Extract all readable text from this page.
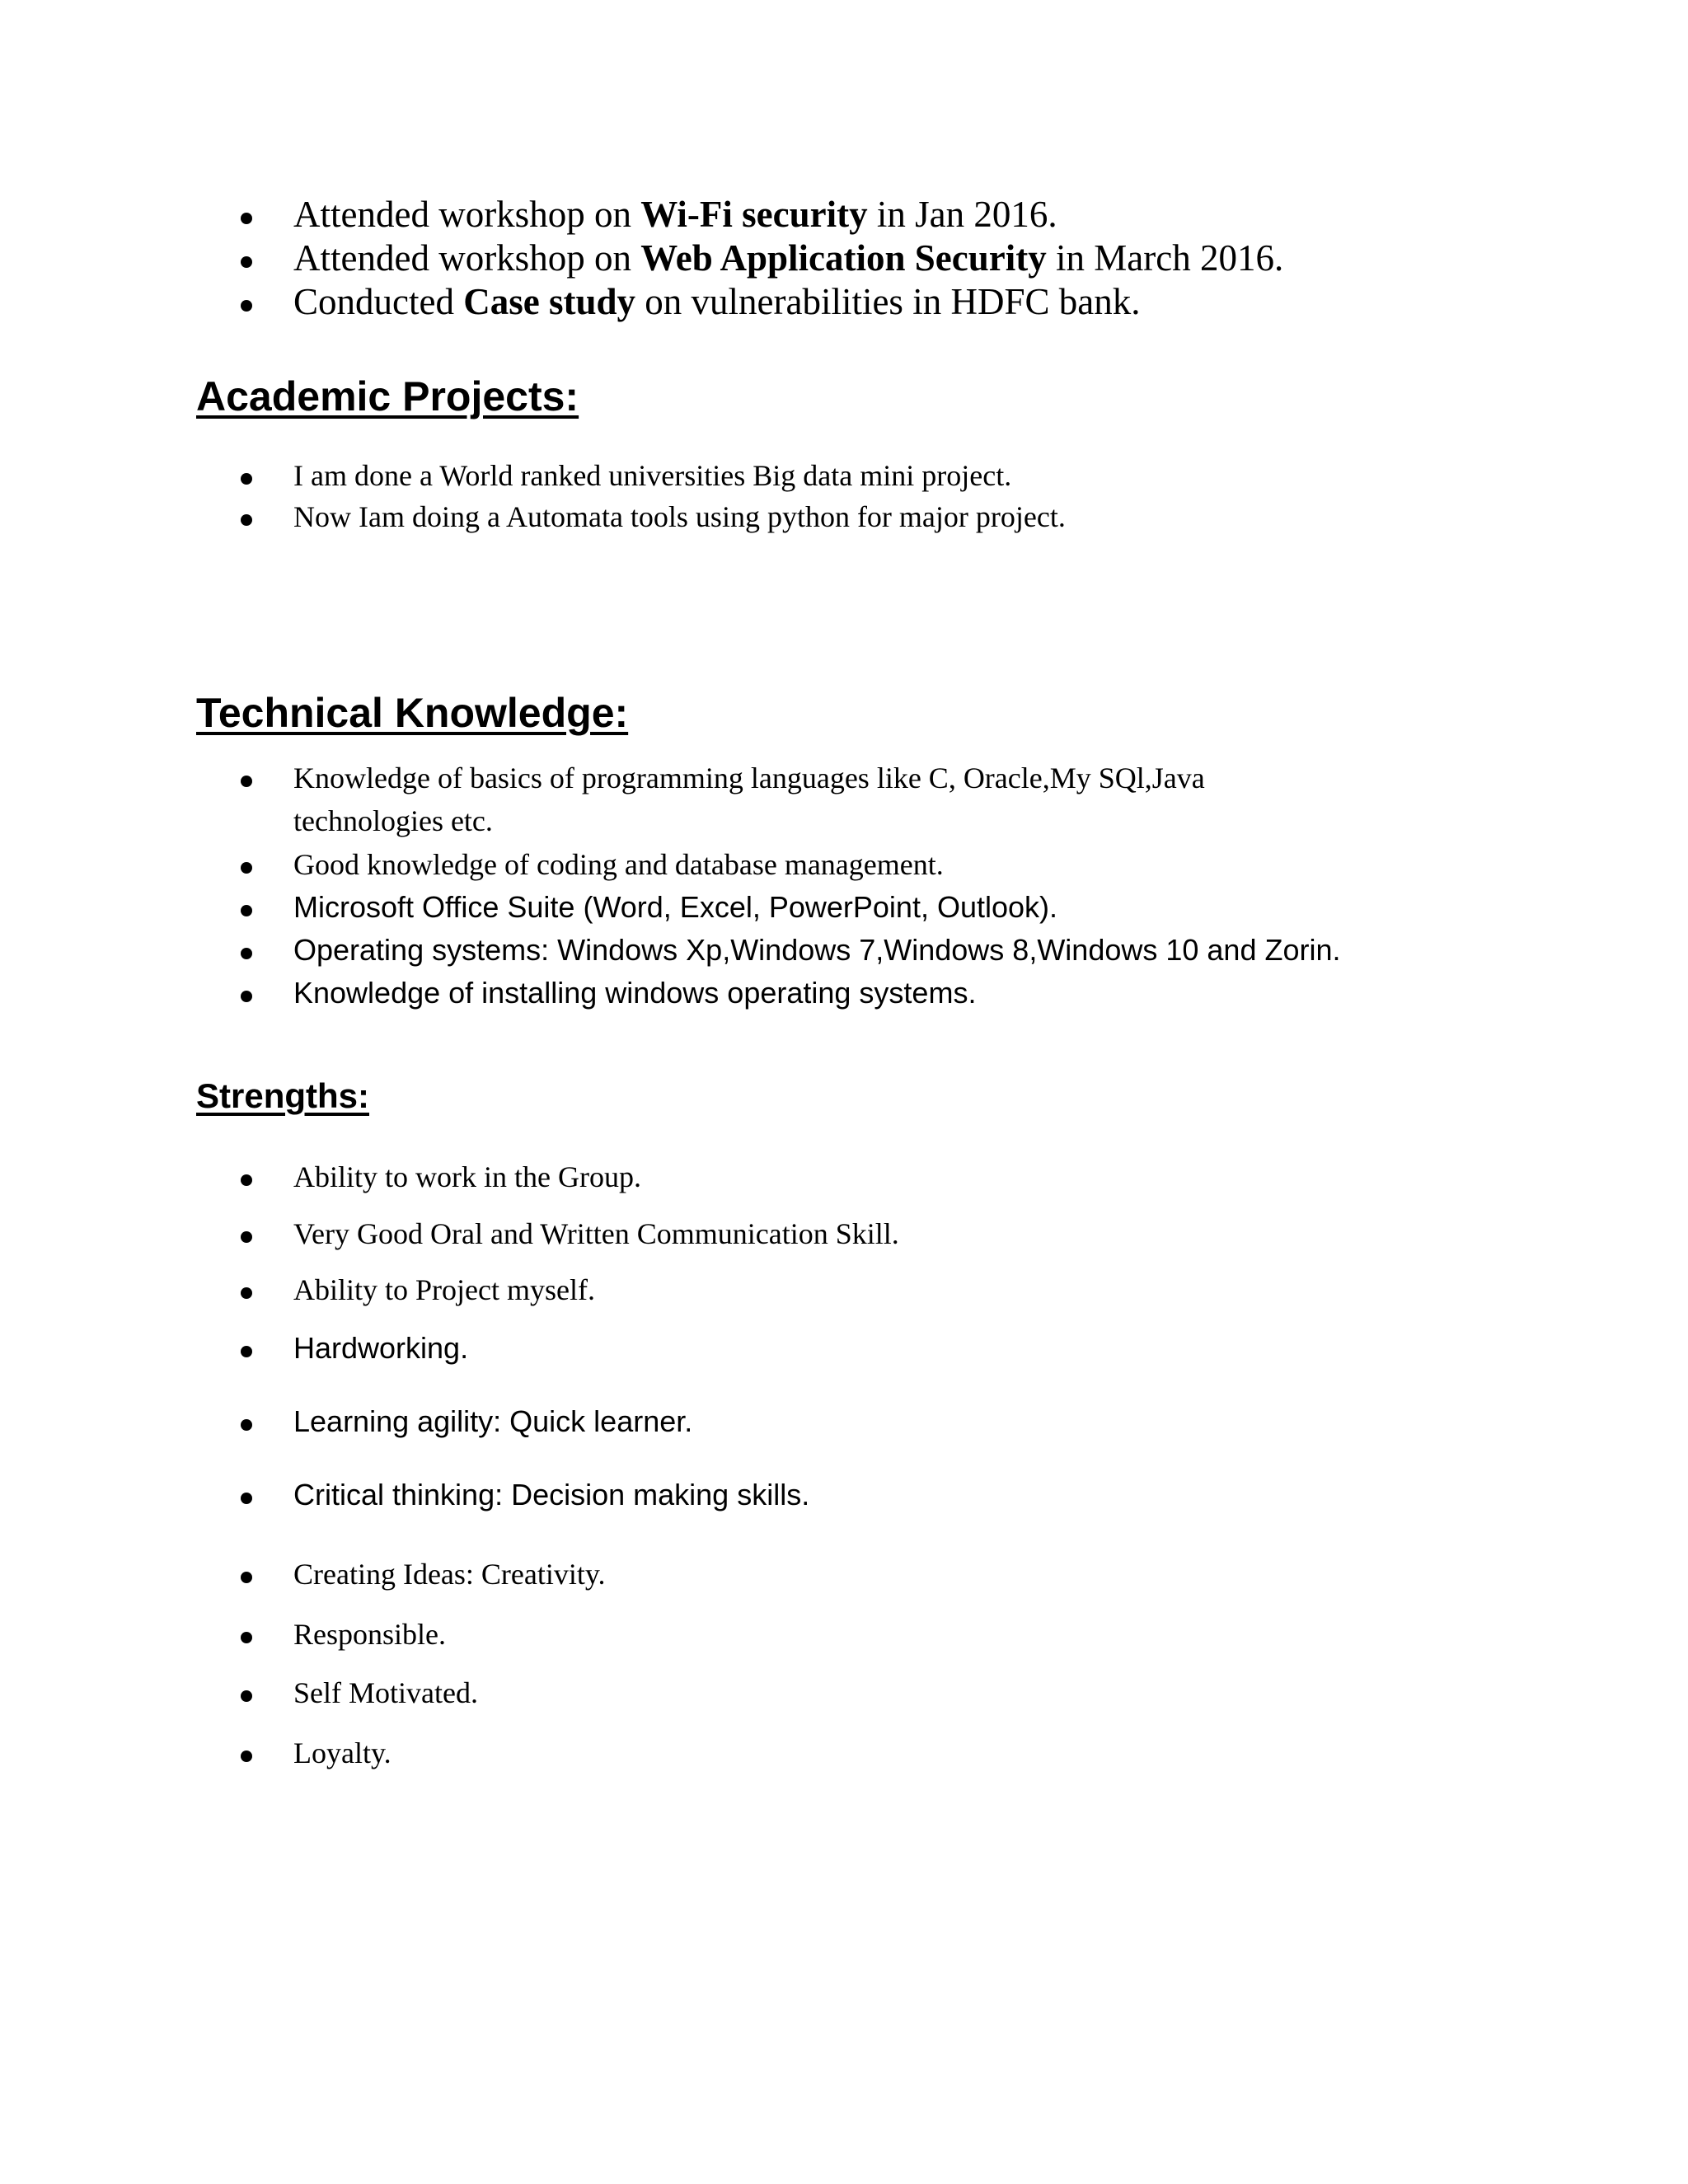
Attended workshop on Wi-Fi security in Jan 2016.
Attended workshop on Web Application Security in March 2016.
Conducted Case study on vulnerabilities in HDFC bank.
Academic Projects:
I am done a World ranked universities Big data mini project.
Now Iam doing a Automata tools using python for major project.
Technical Knowledge:
Knowledge of basics of programming languages like C, Oracle,My SQl,Java
technologies etc.
Good knowledge of coding and database management.
Microsoft Office Suite (Word, Excel, PowerPoint, Outlook).
Operating systems: Windows Xp,Windows 7,Windows 8,Windows 10 and Zorin.
Knowledge of installing windows operating systems.
Strengths:
Ability to work in the Group.
Very Good Oral and Written Communication Skill.
Ability to Project myself.
Hardworking.
Learning agility: Quick learner.
Critical thinking: Decision making skills.
Creating Ideas: Creativity.
Responsible.
Self Motivated.
Loyalty.
